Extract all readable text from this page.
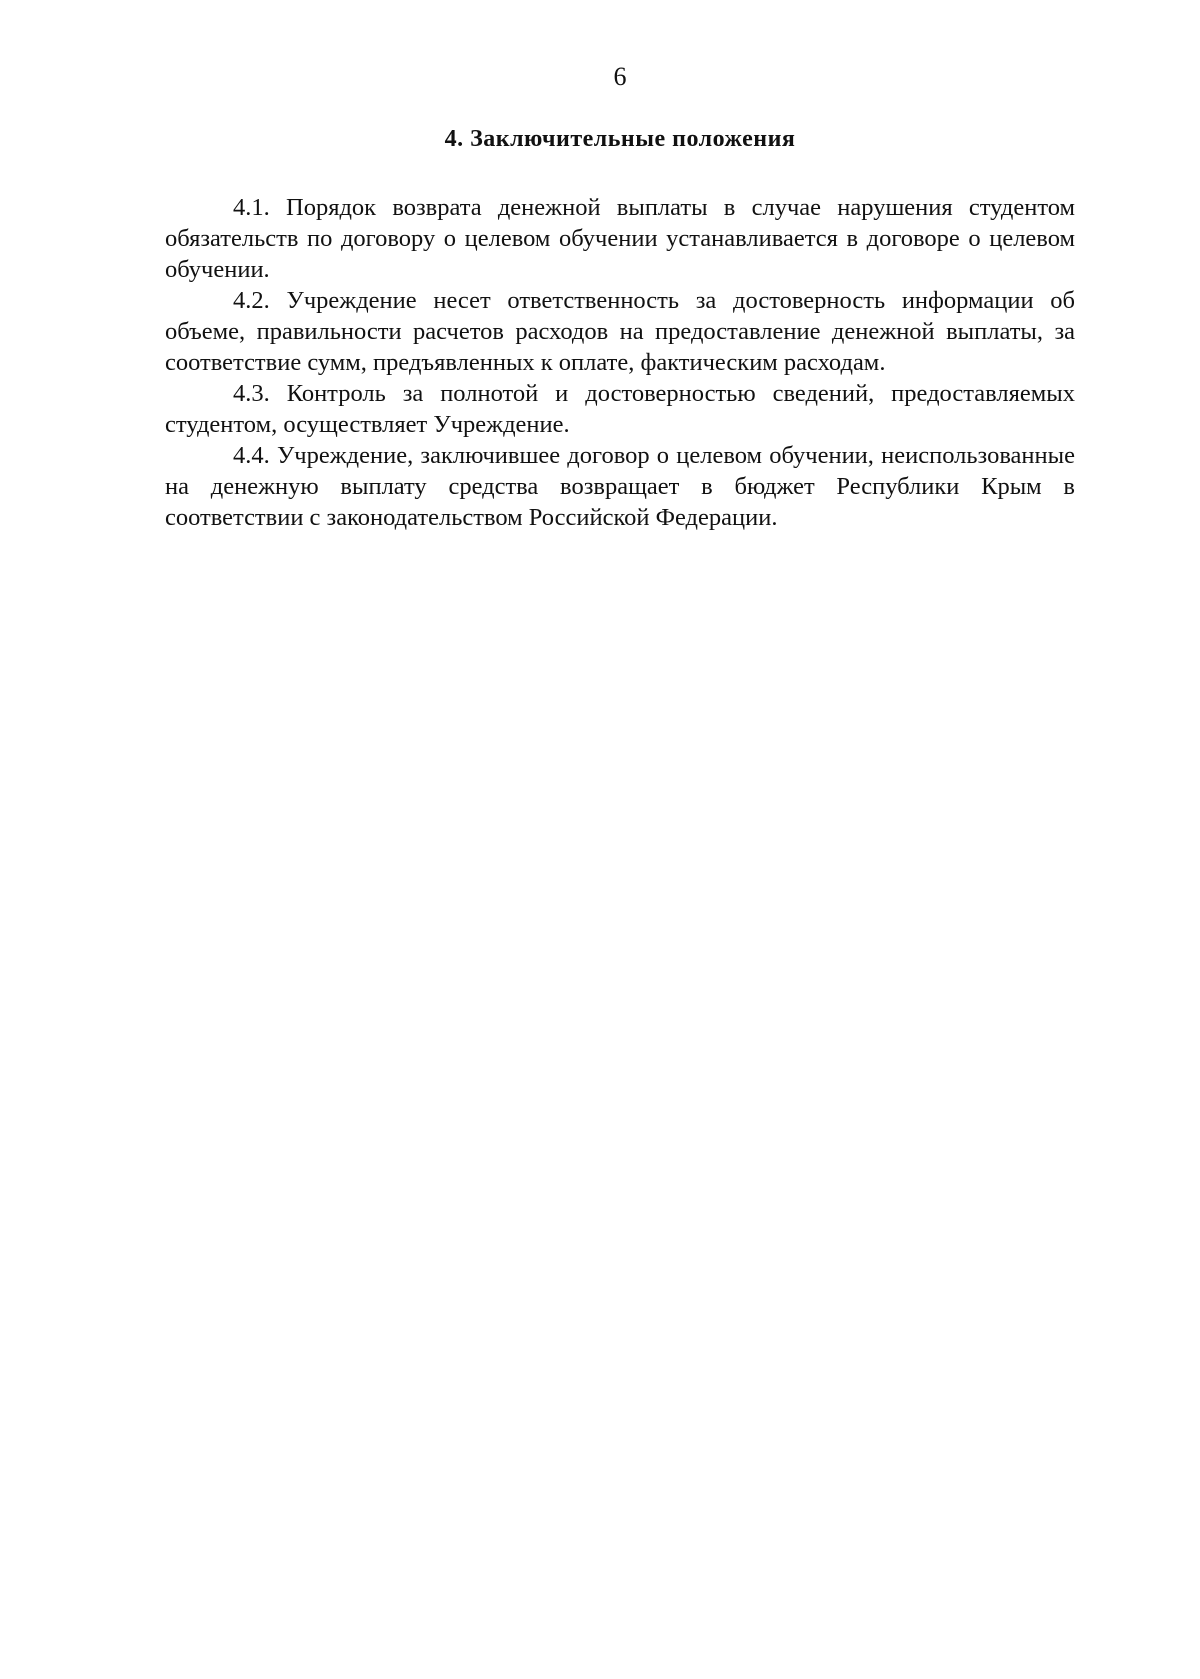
6
4. Заключительные положения

4.1. Порядок возврата денежной выплаты в случае нарушения студентом обязательств по договору о целевом обучении устанавливается в договоре о целевом обучении.

4.2. Учреждение несет ответственность за достоверность информации об объеме, правильности расчетов расходов на предоставление денежной выплаты, за соответствие сумм, предъявленных к оплате, фактическим расходам.

4.3. Контроль за полнотой и достоверностью сведений, предоставляемых студентом, осуществляет Учреждение.

4.4. Учреждение, заключившее договор о целевом обучении, неиспользованные на денежную выплату средства возвращает в бюджет Республики Крым в соответствии с законодательством Российской Федерации.
